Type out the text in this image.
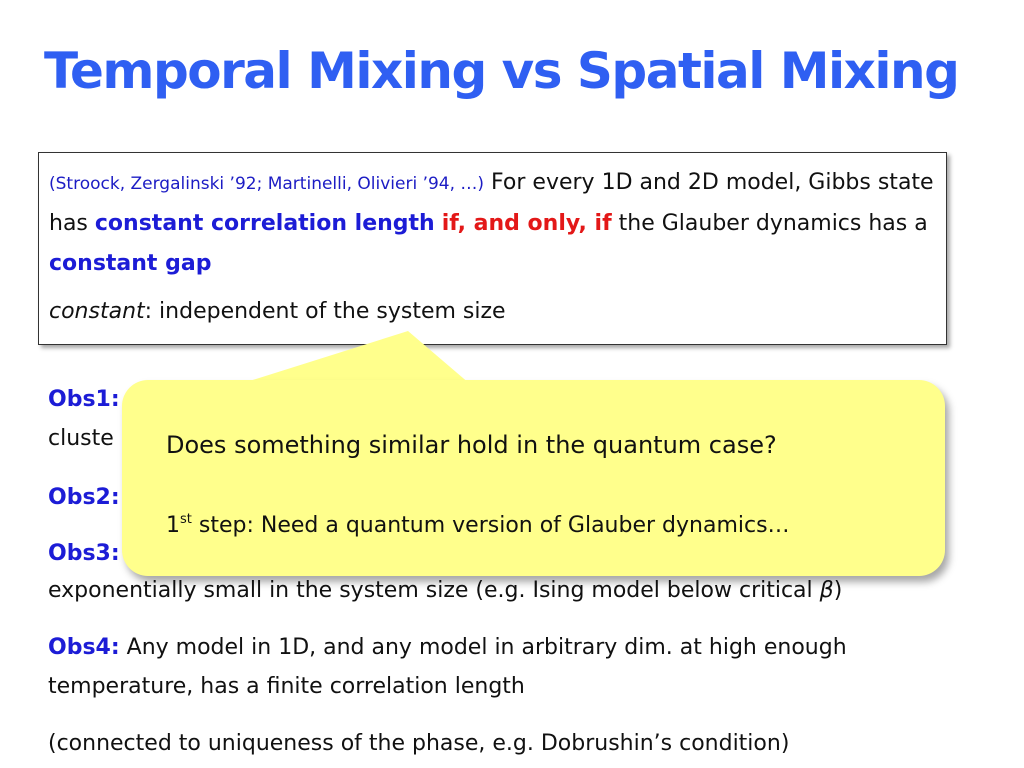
Temporal Mixing vs Spatial Mixing

(Stroock, Zergalinski ’92; Martinelli, Olivieri ’94, …) For every 1D and 2D model, Gibbs state has constant correlation length if, and only, if the Glauber dynamics has a constant gap

constant: independent of the system size

Obs1:

cluste

Obs2:

Obs3:

exponentially small in the system size (e.g. Ising model below critical β)

Obs4: Any model in 1D, and any model in arbitrary dim. at high enough

temperature, has a finite correlation length

(connected to uniqueness of the phase, e.g. Dobrushin’s condition)

Does something similar hold in the quantum case?
1st step: Need a quantum version of Glauber dynamics…
